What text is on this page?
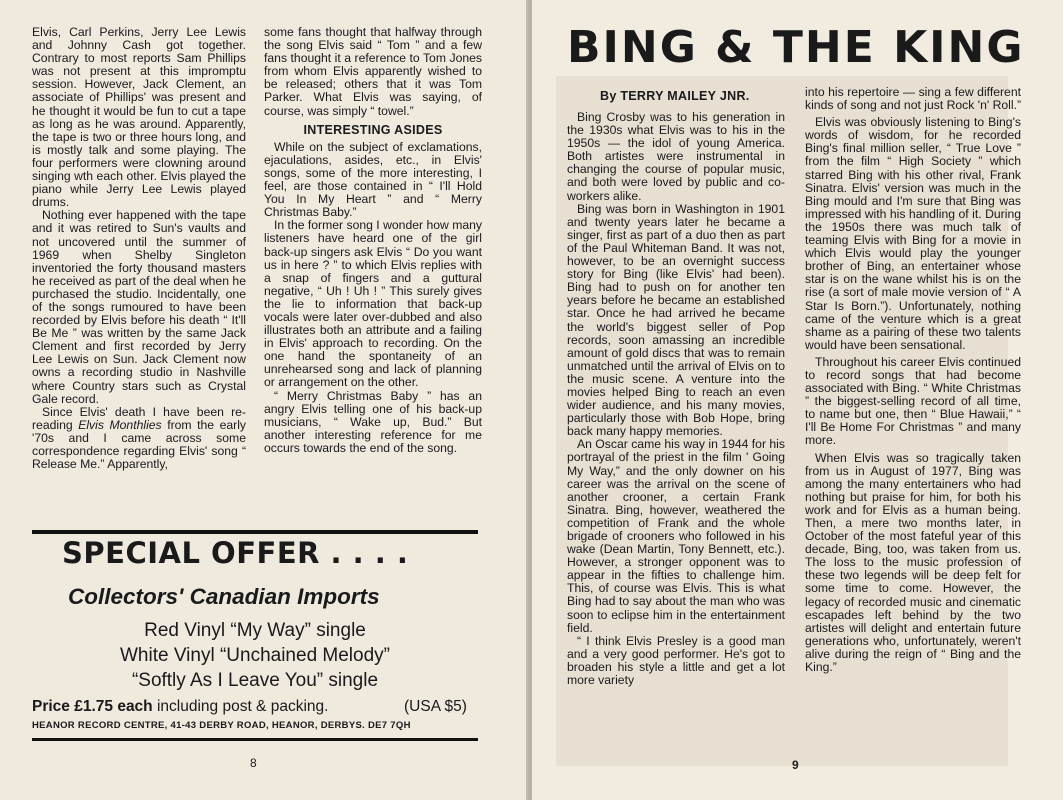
Elvis, Carl Perkins, Jerry Lee Lewis and Johnny Cash got together. Contrary to most reports Sam Phillips was not present at this impromptu session. However, Jack Clement, an associate of Phillips' was present and he thought it would be fun to cut a tape as long as he was around. Apparently, the tape is two or three hours long, and is mostly talk and some playing. The four performers were clowning around singing wth each other. Elvis played the piano while Jerry Lee Lewis played drums.

Nothing ever happened with the tape and it was retired to Sun's vaults and not uncovered until the summer of 1969 when Shelby Singleton inventoried the forty thousand masters he received as part of the deal when he purchased the studio. Incidentally, one of the songs rumoured to have been recorded by Elvis before his death “ It'll Be Me ” was written by the same Jack Clement and first recorded by Jerry Lee Lewis on Sun. Jack Clement now owns a recording studio in Nashville where Country stars such as Crystal Gale record.

Since Elvis' death I have been re-reading Elvis Monthlies from the early '70s and I came across some correspondence regarding Elvis' song “ Release Me.” Apparently,

some fans thought that halfway through the song Elvis said “ Tom ” and a few fans thought it a reference to Tom Jones from whom Elvis apparently wished to be released; others that it was Tom Parker. What Elvis was saying, of course, was simply “ towel.”

INTERESTING ASIDES

While on the subject of exclamations, ejaculations, asides, etc., in Elvis' songs, some of the more interesting, I feel, are those contained in “ I'll Hold You In My Heart ” and “ Merry Christmas Baby.”

In the former song I wonder how many listeners have heard one of the girl back-up singers ask Elvis “ Do you want us in here ? ” to which Elvis replies with a snap of fingers and a guttural negative, “ Uh ! Uh ! ” This surely gives the lie to information that back-up vocals were later over-dubbed and also illustrates both an attribute and a failing in Elvis' approach to recording. On the one hand the spontaneity of an unrehearsed song and lack of planning or arrangement on the other.

“ Merry Christmas Baby ” has an angry Elvis telling one of his back-up musicians, “ Wake up, Bud.” But another interesting reference for me occurs towards the end of the song.

SPECIAL OFFER . . . .
Collectors' Canadian Imports
Red Vinyl “My Way” single
White Vinyl “Unchained Melody”
“Softly As I Leave You” single
Price £1.75 each including post & packing.	(USA $5)
HEANOR RECORD CENTRE, 41-43 DERBY ROAD, HEANOR, DERBYS. DE7 7QH
8
BING & THE KING
By TERRY MAILEY JNR.

Bing Crosby was to his generation in the 1930s what Elvis was to his in the 1950s — the idol of young America. Both artistes were instrumental in changing the course of popular music, and both were loved by public and co-workers alike.

Bing was born in Washington in 1901 and twenty years later he became a singer, first as part of a duo then as part of the Paul Whiteman Band. It was not, however, to be an overnight success story for Bing (like Elvis' had been). Bing had to push on for another ten years before he became an established star. Once he had arrived he became the world's biggest seller of Pop records, soon amassing an incredible amount of gold discs that was to remain unmatched until the arrival of Elvis on to the music scene. A venture into the movies helped Bing to reach an even wider audience, and his many movies, particularly those with Bob Hope, bring back many happy memories.

An Oscar came his way in 1944 for his portrayal of the priest in the film ' Going My Way,” and the only downer on his career was the arrival on the scene of another crooner, a certain Frank Sinatra. Bing, however, weathered the competition of Frank and the whole brigade of crooners who followed in his wake (Dean Martin, Tony Bennett, etc.). However, a stronger opponent was to appear in the fifties to challenge him. This, of course was Elvis. This is what Bing had to say about the man who was soon to eclipse him in the entertainment field.

“ I think Elvis Presley is a good man and a very good performer. He's got to broaden his style a little and get a lot more variety

into his repertoire — sing a few different kinds of song and not just Rock 'n' Roll.”

Elvis was obviously listening to Bing's words of wisdom, for he recorded Bing's final million seller, “ True Love ” from the film “ High Society ” which starred Bing with his other rival, Frank Sinatra. Elvis' version was much in the Bing mould and I'm sure that Bing was impressed with his handling of it. During the 1950s there was much talk of teaming Elvis with Bing for a movie in which Elvis would play the younger brother of Bing, an entertainer whose star is on the wane whilst his is on the rise (a sort of male movie version of “ A Star Is Born.”). Unfortunately, nothing came of the venture which is a great shame as a pairing of these two talents would have been sensational.

Throughout his career Elvis continued to record songs that had become associated with Bing. “ White Christmas ” the biggest-selling record of all time, to name but one, then “ Blue Hawaii,” “ I'll Be Home For Christmas ” and many more.

When Elvis was so tragically taken from us in August of 1977, Bing was among the many entertainers who had nothing but praise for him, for both his work and for Elvis as a human being. Then, a mere two months later, in October of the most fateful year of this decade, Bing, too, was taken from us. The loss to the music profession of these two legends will be deep felt for some time to come. However, the legacy of recorded music and cinematic escapades left behind by the two artistes will delight and entertain future generations who, unfortunately, weren't alive during the reign of “ Bing and the King.”

9
